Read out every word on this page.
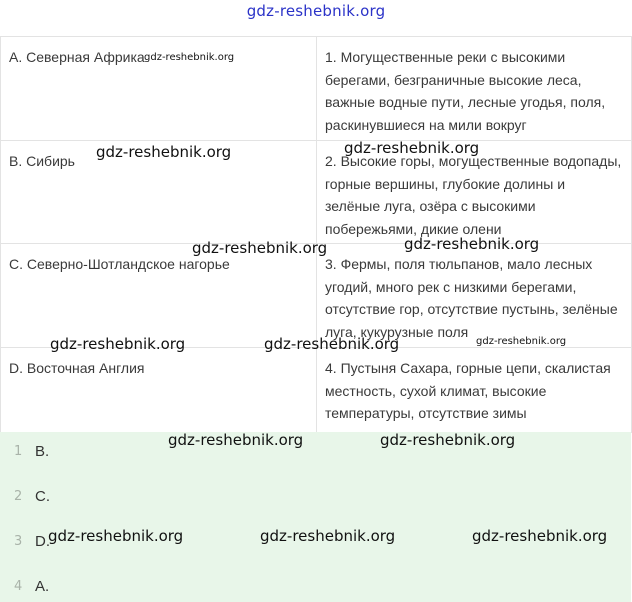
gdz-reshebnik.org
A. Северная Африка	1. Могущественные реки с высокими берегами, безграничные высокие леса, важные водные пути, лесные угодья, поля, раскинувшиеся на мили вокруг
B. Сибирь	2. Высокие горы, могущественные водопады, горные вершины, глубокие долины и зелёные луга, озёра с высокими побережьями, дикие олени
C. Северно-Шотландское нагорье	3. Фермы, поля тюльпанов, мало лесных угодий, много рек с низкими берегами, отсутствие гор, отсутствие пустынь, зелёные луга, кукурузные поля
D. Восточная Англия	4. Пустыня Сахара, горные цепи, скалистая местность, сухой климат, высокие температуры, отсутствие зимы
1 B.
2 C.
3 D.
4 A.
gdz-reshebnik.org
gdz-reshebnik.org	gdz-reshebnik.org
gdz-reshebnik.org	gdz-reshebnik.org
gdz-reshebnik.org	gdz-reshebnik.org	gdz-reshebnik.org
gdz-reshebnik.org	gdz-reshebnik.org
gdz-reshebnik.org	gdz-reshebnik.org	gdz-reshebnik.org
